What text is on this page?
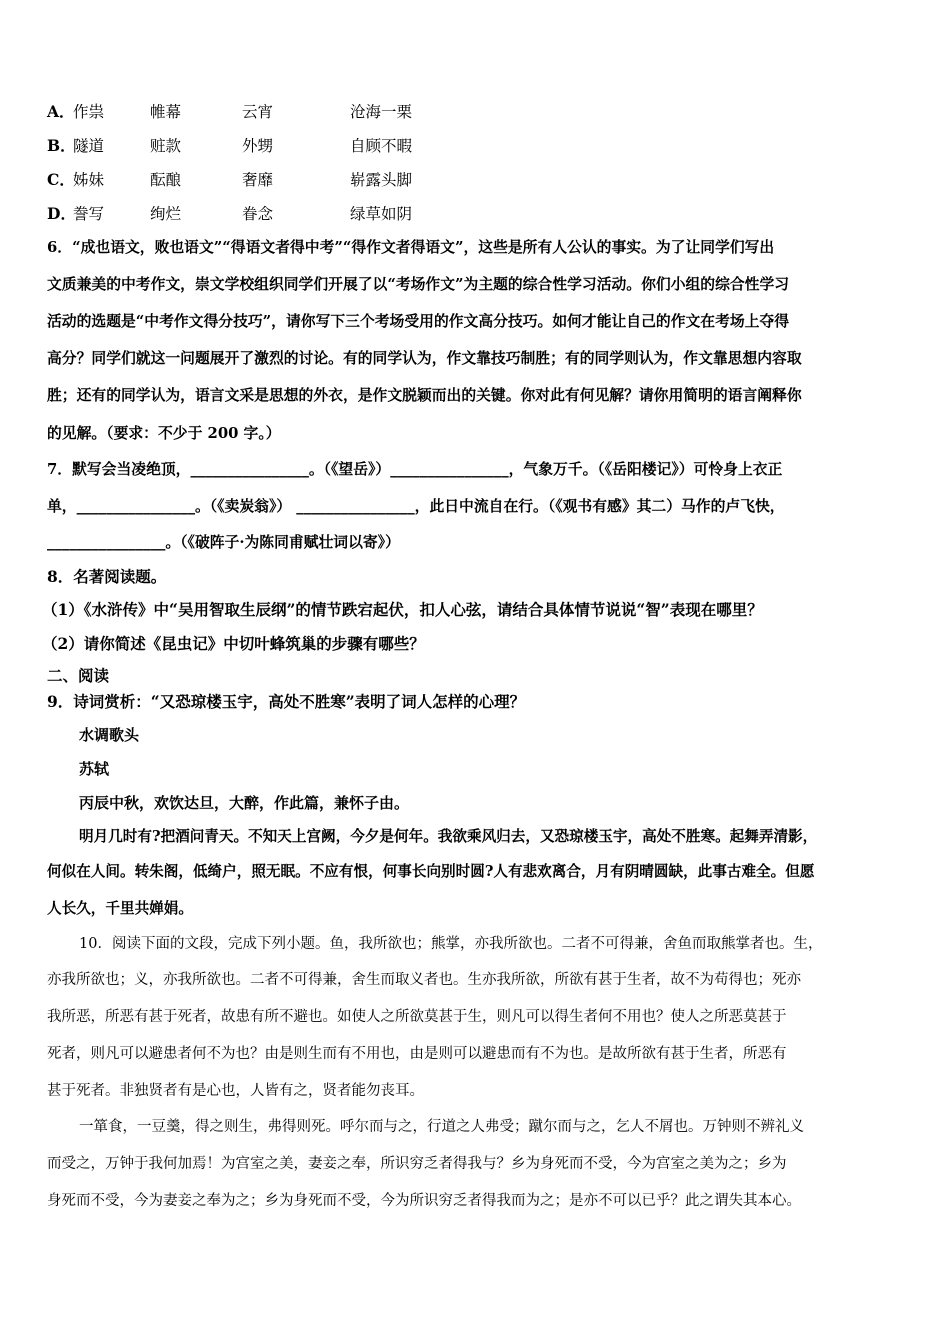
A．
作祟	帷幕	云宵	沧海一栗
B．
隧道	赃款	外甥	自顾不暇
C．
姊妹	酝酿	奢靡	崭露头脚
D．
誊写	绚烂	眷念	绿草如阴
6．“成也语文，败也语文”“得语文者得中考”“得作文者得语文”，这些是所有人公认的事实。为了让同学们写出
文质兼美的中考作文，崇文学校组织同学们开展了以“考场作文”为主题的综合性学习活动。你们小组的综合性学习
活动的选题是“中考作文得分技巧”，请你写下三个考场受用的作文高分技巧。如何才能让自己的作文在考场上夺得
高分？同学们就这一问题展开了激烈的讨论。有的同学认为，作文靠技巧制胜；有的同学则认为，作文靠思想内容取
胜；还有的同学认为，语言文采是思想的外衣，是作文脱颖而出的关键。你对此有何见解？请你用简明的语言阐释你
的见解。（要求：不少于 200 字。）
7．默写会当凌绝顶，________________。（《望岳》）________________，气象万千。（《岳阳楼记》）可怜身上衣正
单，________________。（《卖炭翁》） ________________，此日中流自在行。（《观书有感》其二）马作的卢飞快，
________________。（《破阵子·为陈同甫赋壮词以寄》）
8．名著阅读题。
（1）《水浒传》中“吴用智取生辰纲”的情节跌宕起伏，扣人心弦，请结合具体情节说说“智”表现在哪里？
（2）请你简述《昆虫记》中切叶蜂筑巢的步骤有哪些？
二、阅读
9．诗词赏析：“又恐琼楼玉宇，高处不胜寒”表明了词人怎样的心理？
水调歌头
苏轼
丙辰中秋，欢饮达旦，大醉，作此篇，兼怀子由。
明月几时有?把酒问青天。不知天上宫阙，今夕是何年。我欲乘风归去，又恐琼楼玉宇，高处不胜寒。起舞弄清影，
何似在人间。转朱阁，低绮户，照无眠。不应有恨，何事长向别时圆?人有悲欢离合，月有阴晴圆缺，此事古难全。但愿
人长久，千里共婵娟。
10．阅读下面的文段，完成下列小题。鱼，我所欲也；熊掌，亦我所欲也。二者不可得兼，舍鱼而取熊掌者也。生，
亦我所欲也；义，亦我所欲也。二者不可得兼，舍生而取义者也。生亦我所欲，所欲有甚于生者，故不为苟得也；死亦
我所恶，所恶有甚于死者，故患有所不避也。如使人之所欲莫甚于生，则凡可以得生者何不用也？使人之所恶莫甚于
死者，则凡可以避患者何不为也？由是则生而有不用也，由是则可以避患而有不为也。是故所欲有甚于生者，所恶有
甚于死者。非独贤者有是心也，人皆有之，贤者能勿丧耳。
一箪食，一豆羹，得之则生，弗得则死。呼尔而与之，行道之人弗受；蹴尔而与之，乞人不屑也。万钟则不辨礼义
而受之，万钟于我何加焉！为宫室之美，妻妾之奉，所识穷乏者得我与？乡为身死而不受，今为宫室之美为之；乡为
身死而不受，今为妻妾之奉为之；乡为身死而不受，今为所识穷乏者得我而为之；是亦不可以已乎？此之谓失其本心。
